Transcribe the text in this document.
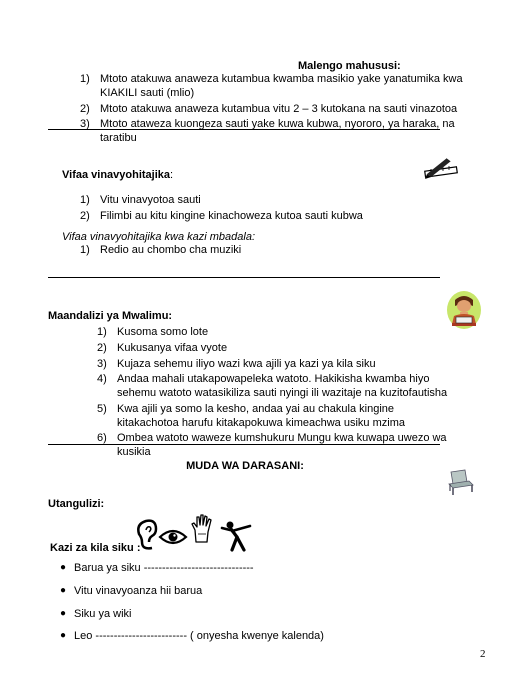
Malengo mahususi:
1) Mtoto atakuwa anaweza kutambua kwamba masikio yake yanatumika kwa KIAKILI sauti (mlio)
2) Mtoto atakuwa anaweza kutambua vitu 2 – 3 kutokana na sauti vinazotoa
3) Mtoto ataweza kuongeza sauti yake kuwa kubwa, nyororo, ya haraka, na taratibu
Vifaa vinavyohitajika:
1) Vitu vinavyotoa sauti
2) Filimbi au kitu kingine kinachoweza kutoa sauti kubwa
Vifaa vinavyohitajika kwa kazi mbadala:
1) Redio au chombo cha muziki
Maandalizi ya Mwalimu:
1) Kusoma somo lote
2) Kukusanya vifaa vyote
3) Kujaza sehemu iliyo wazi kwa ajili ya kazi ya kila siku
4) Andaa mahali utakapowapeleka watoto. Hakikisha kwamba hiyo sehemu watoto watasikiliza sauti nyingi ili wazitaje na kuzitofautisha
5) Kwa ajili ya somo la kesho, andaa yai au chakula kingine kitakachotoa harufu kitakapokuwa kimeachwa usiku mzima
6) Ombea watoto waweze kumshukuru Mungu kwa kuwapa uwezo wa kusikia
MUDA WA DARASANI:
Utangulizi:
Kazi za kila siku :
● Barua ya siku ------------------------------
● Vitu vinavyoanza hii barua
● Siku ya wiki
● Leo ------------------------- ( onyesha kwenye kalenda)
2
